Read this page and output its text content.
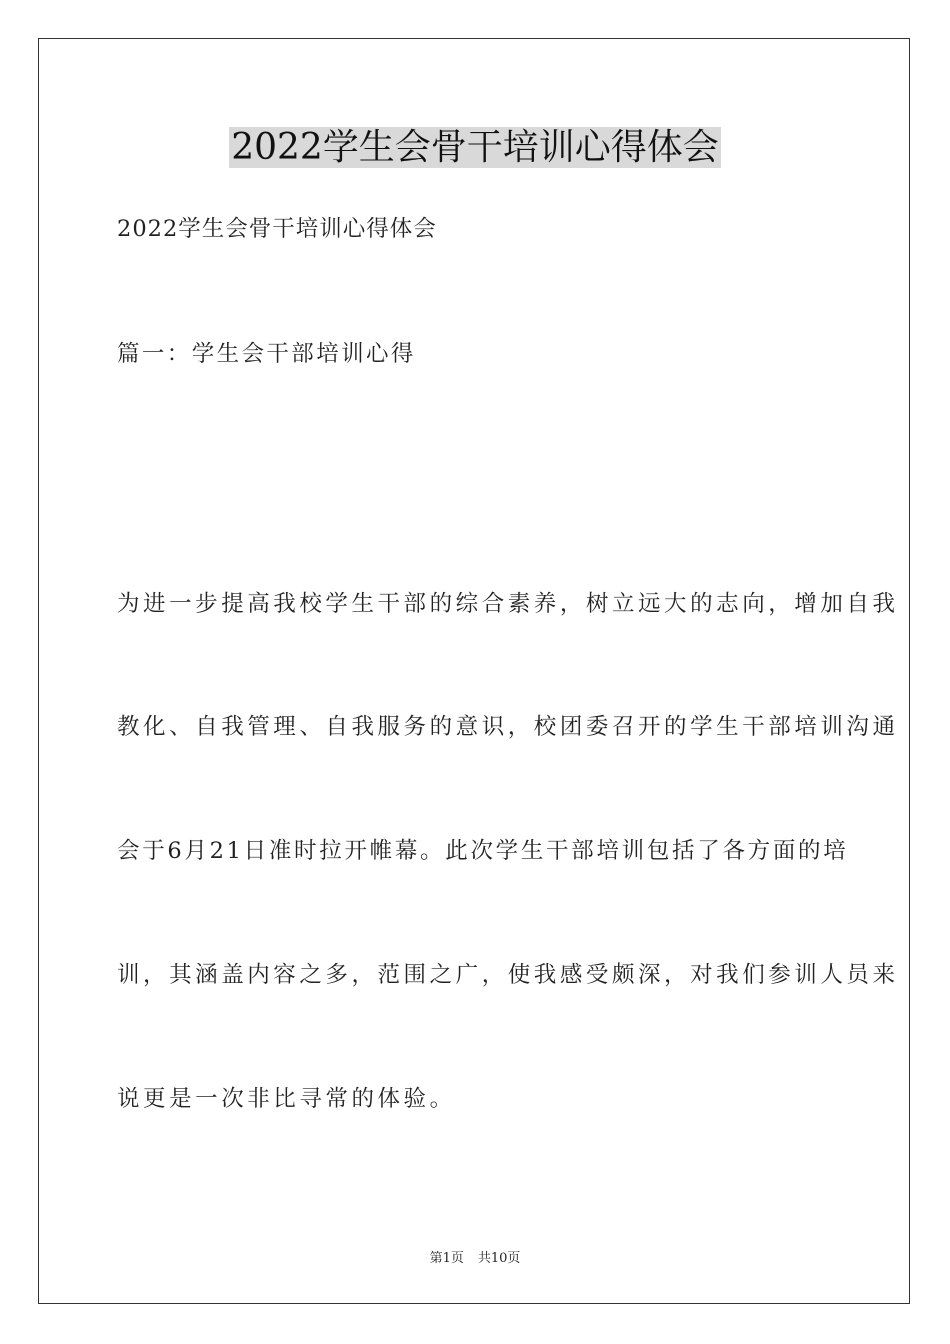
2022学生会骨干培训心得体会
2022学生会骨干培训心得体会
篇一：学生会干部培训心得
为进一步提高我校学生干部的综合素养，树立远大的志向，增加自我
教化、自我管理、自我服务的意识，校团委召开的学生干部培训沟通
会于6月21日准时拉开帷幕。此次学生干部培训包括了各方面的培
训，其涵盖内容之多，范围之广，使我感受颇深，对我们参训人员来
说更是一次非比寻常的体验。
第1页 共10页
